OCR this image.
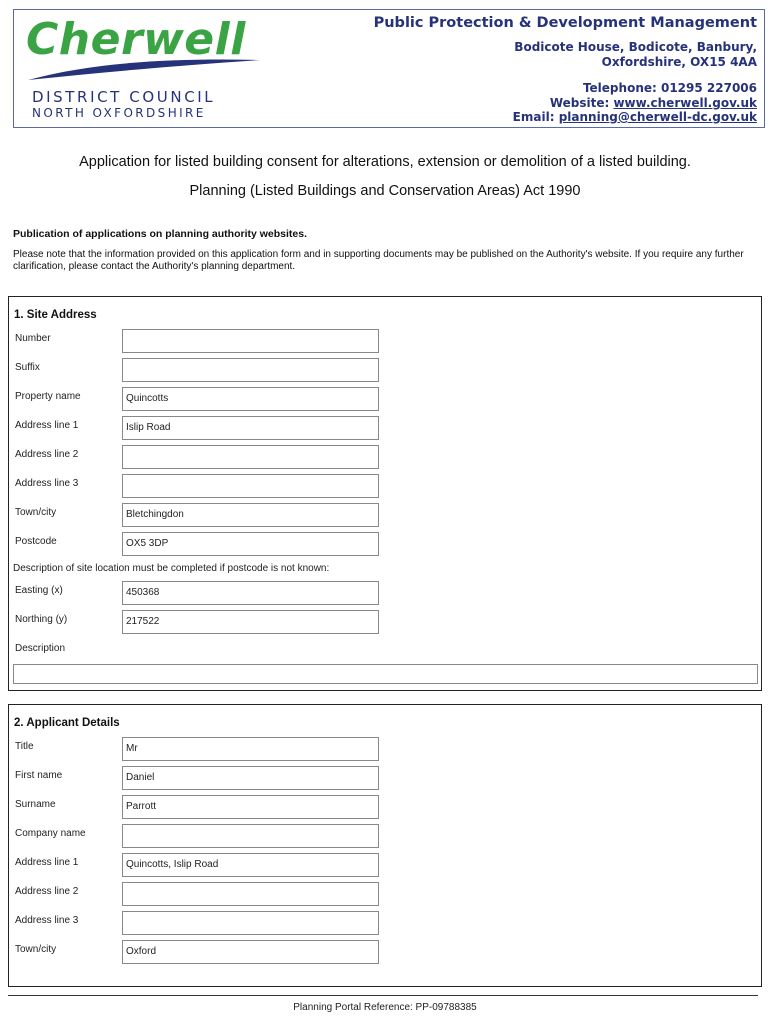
Cherwell
DISTRICT COUNCIL
NORTH OXFORDSHIRE
Public Protection & Development Management
Bodicote House, Bodicote, Banbury,
Oxfordshire, OX15 4AA
Telephone: 01295 227006
Website: www.cherwell.gov.uk
Email: planning@cherwell-dc.gov.uk
Application for listed building consent for alterations, extension or demolition of a listed building.
Planning (Listed Buildings and Conservation Areas) Act 1990
Publication of applications on planning authority websites.
Please note that the information provided on this application form and in supporting documents may be published on the Authority's website. If you require any further clarification, please contact the Authority's planning department.
1. Site Address
Number
Suffix
Property name	Quincotts
Address line 1	Islip Road
Address line 2
Address line 3
Town/city	Bletchingdon
Postcode	OX5 3DP
Description of site location must be completed if postcode is not known:
Easting (x)	450368
Northing (y)	217522
Description
2. Applicant Details
Title	Mr
First name	Daniel
Surname	Parrott
Company name
Address line 1	Quincotts, Islip Road
Address line 2
Address line 3
Town/city	Oxford
Planning Portal Reference: PP-09788385
